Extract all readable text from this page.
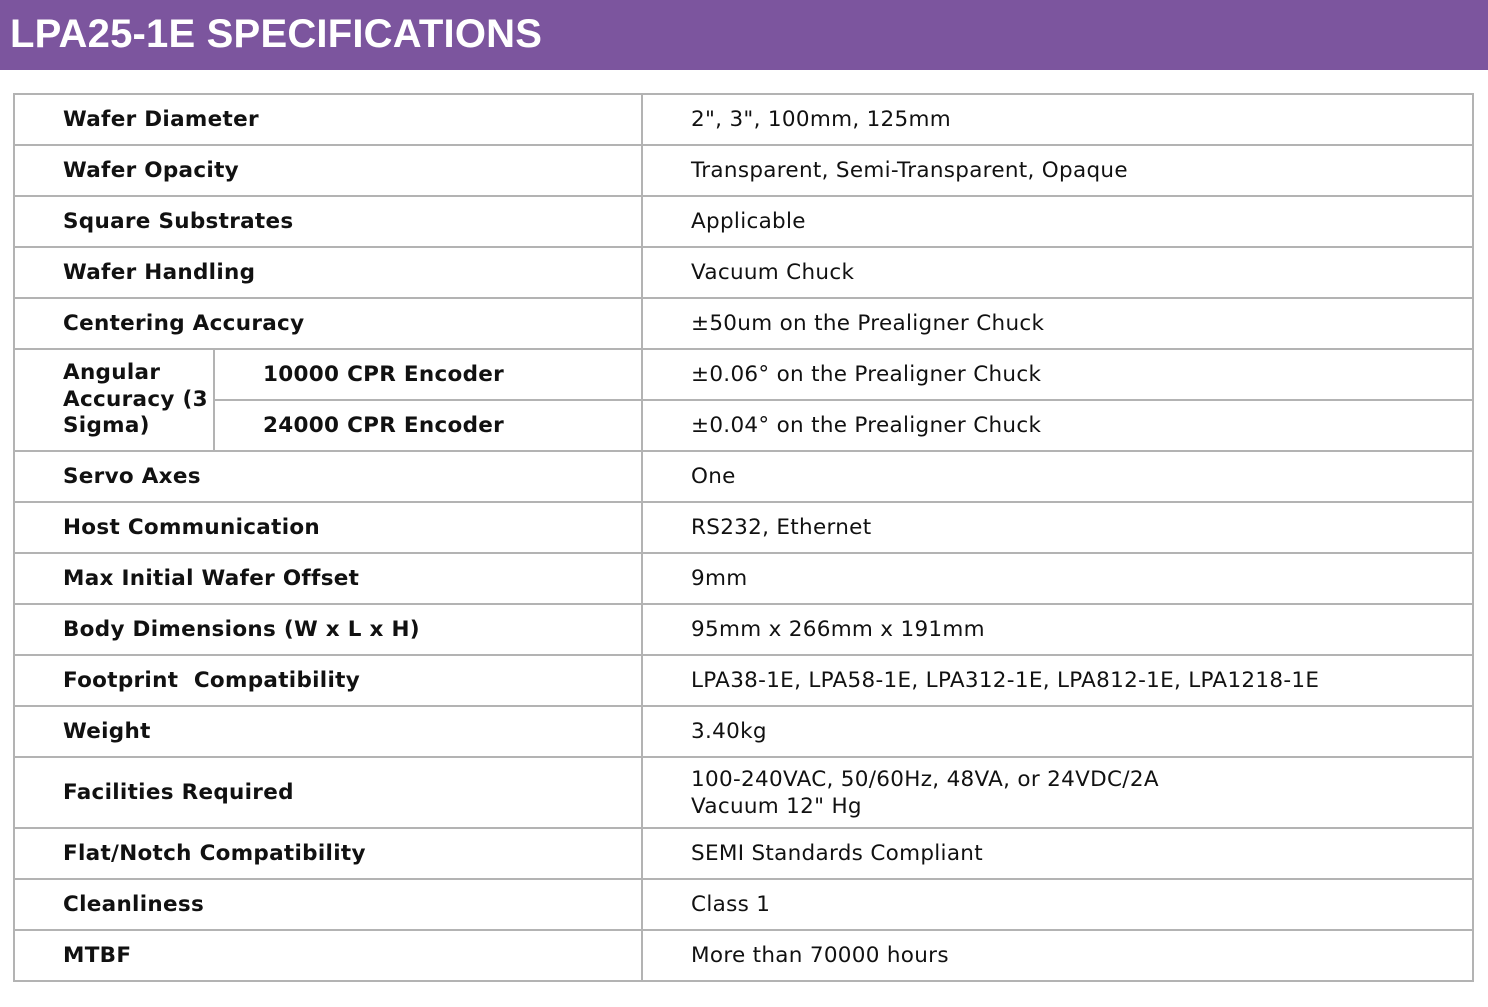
LPA25-1E SPECIFICATIONS
Wafer Diameter		2", 3", 100mm, 125mm
Wafer Opacity		Transparent, Semi-Transparent, Opaque
Square Substrates		Applicable
Wafer Handling		Vacuum Chuck
Centering Accuracy		±50um on the Prealigner Chuck
Angular Accuracy (3 Sigma)	10000 CPR Encoder	±0.06° on the Prealigner Chuck
	24000 CPR Encoder	±0.04° on the Prealigner Chuck
Servo Axes		One
Host Communication		RS232, Ethernet
Max Initial Wafer Offset		9mm
Body Dimensions (W x L x H)		95mm x 266mm x 191mm
Footprint  Compatibility		LPA38-1E, LPA58-1E, LPA312-1E, LPA812-1E, LPA1218-1E
Weight		3.40kg
Facilities Required		100-240VAC, 50/60Hz, 48VA, or 24VDC/2A
Vacuum 12" Hg

Flat/Notch Compatibility		SEMI Standards Compliant
Cleanliness		Class 1
MTBF		More than 70000 hours
